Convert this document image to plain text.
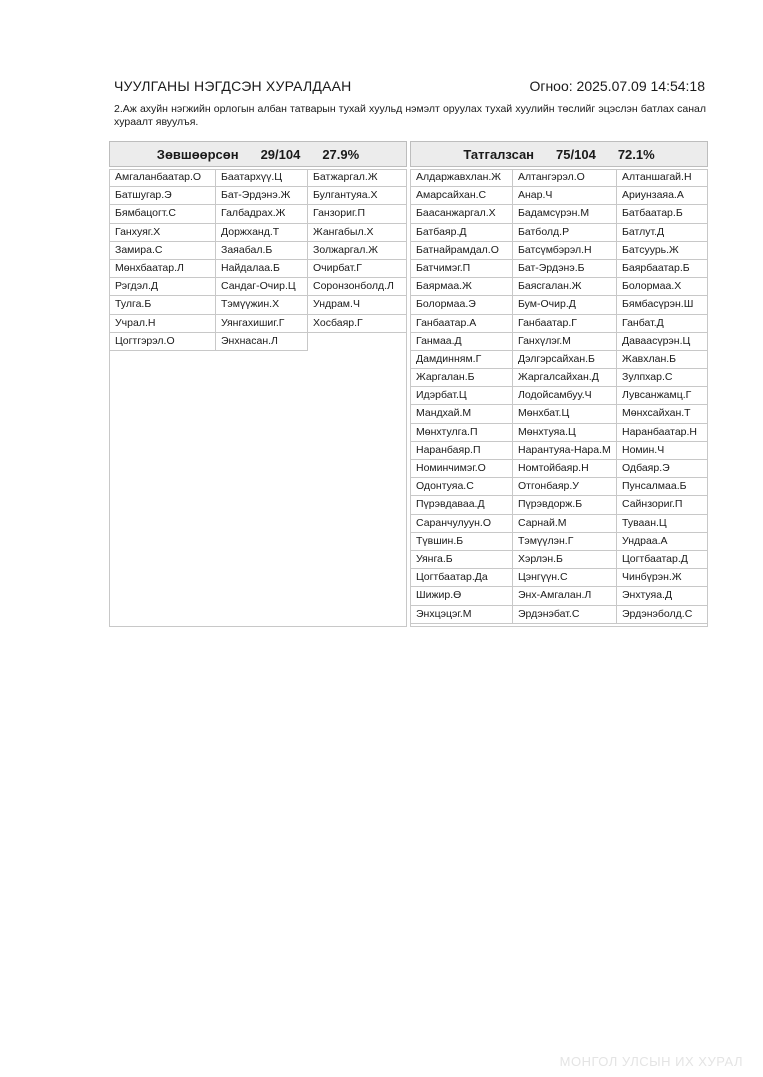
ЧУУЛГАНЫ НЭГДСЭН ХУРАЛДААН	Огноо: 2025.07.09 14:54:18
2.Аж ахуйн нэгжийн орлогын албан татварын тухай хуульд нэмэлт оруулах тухай хуулийн төслийг эцэслэн батлах санал хураалт явуулъя.
Зөвшөөрсөн 29/104 27.9%
Амгаланбаатар.О
Батшугар.Э
Бямбацогт.С
Ганхуяг.Х
Замира.С
Мөнхбаатар.Л
Рэгдэл.Д
Тулга.Б
Учрал.Н
Цогтгэрэл.О
Баатархүү.Ц
Бат-Эрдэнэ.Ж
Галбадрах.Ж
Доржханд.Т
Заяабал.Б
Найдалаа.Б
Сандаг-Очир.Ц
Тэмүүжин.Х
Уянгахишиг.Г
Энхнасан.Л
Батжаргал.Ж
Булгантуяа.Х
Ганзориг.П
Жангабыл.Х
Золжаргал.Ж
Очирбат.Г
Соронзонболд.Л
Ундрам.Ч
Хосбаяр.Г
Татгалзсан 75/104 72.1%
Алдаржавхлан.Ж
Амарсайхан.С
Баасанжаргал.Х
Батбаяр.Д
Батнайрамдал.О
Батчимэг.П
Баярмаа.Ж
Болормаа.Э
Ганбаатар.А
Ганмаа.Д
Дамдинням.Г
Жаргалан.Б
Идэрбат.Ц
Мандхай.М
Мөнхтулга.П
Наранбаяр.П
Номинчимэг.О
Одонтуяа.С
Пүрэвдаваа.Д
Саранчулуун.О
Түвшин.Б
Уянга.Б
Цогтбаатар.Да
Шижир.Ө
Энхцэцэг.М
Алтангэрэл.О
Анар.Ч
Бадамсүрэн.М
Батболд.Р
Батсүмбэрэл.Н
Бат-Эрдэнэ.Б
Баясгалан.Ж
Бум-Очир.Д
Ганбаатар.Г
Ганхүлэг.М
Дэлгэрсайхан.Б
Жаргалсайхан.Д
Лодойсамбуу.Ч
Мөнхбат.Ц
Мөнхтуяа.Ц
Нарантуяа-Нара.М
Номтойбаяр.Н
Отгонбаяр.У
Пүрэвдорж.Б
Сарнай.М
Тэмүүлэн.Г
Хэрлэн.Б
Цэнгүүн.С
Энх-Амгалан.Л
Эрдэнэбат.С
Алтаншагай.Н
Ариунзаяа.А
Батбаатар.Б
Батлут.Д
Батсуурь.Ж
Баярбаатар.Б
Болормаа.Х
Бямбасүрэн.Ш
Ганбат.Д
Даваасүрэн.Ц
Жавхлан.Б
Зулпхар.С
Лувсанжамц.Г
Мөнхсайхан.Т
Наранбаатар.Н
Номин.Ч
Одбаяр.Э
Пунсалмаа.Б
Сайнзориг.П
Туваан.Ц
Ундраа.А
Цогтбаатар.Д
Чинбүрэн.Ж
Энхтуяа.Д
Эрдэнэболд.С
МОНГОЛ УЛСЫН ИХ ХУРАЛ
